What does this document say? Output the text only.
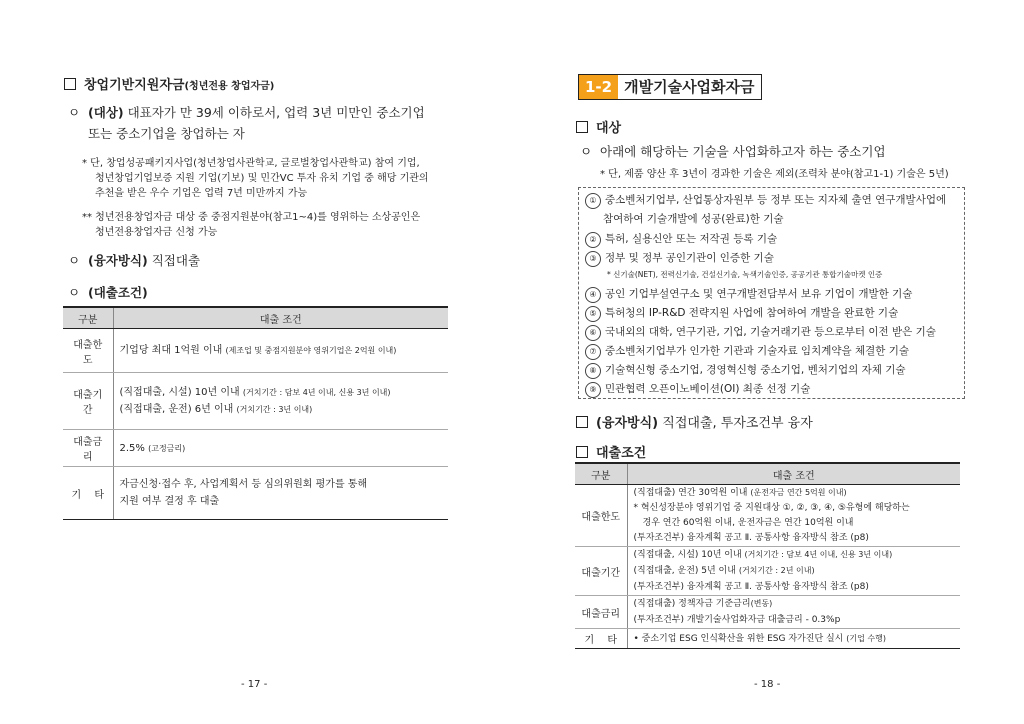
창업기반지원자금(청년전용 창업자금)
ㅇ (대상) 대표자가 만 39세 이하로서, 업력 3년 미만인 중소기업
또는 중소기업을 창업하는 자
* 단, 창업성공패키지사업(청년창업사관학교, 글로벌창업사관학교) 참여 기업,
청년창업기업보증 지원 기업(기보) 및 민간VC 투자 유치 기업 중 해당 기관의
추천을 받은 우수 기업은 업력 7년 미만까지 가능
** 청년전용창업자금 대상 중 중점지원분야(참고1~4)를 영위하는 소상공인은
청년전용창업자금 신청 가능
ㅇ (융자방식) 직접대출
ㅇ (대출조건)
구분	대출 조건
대출한도	기업당 최대 1억원 이내 (제조업 및 중점지원분야 영위기업은 2억원 이내)
대출기간	(직접대출, 시설) 10년 이내 (거치기간 : 담보 4년 이내, 신용 3년 이내)
(직접대출, 운전) 6년 이내 (거치기간 : 3년 이내)
대출금리	2.5% (고정금리)
기　 타	자금신청·접수 후, 사업계획서 등 심의위원회 평가를 통해
지원 여부 결정 후 대출
- 17 -
1-2 개발기술사업화자금
대상
ㅇ 아래에 해당하는 기술을 사업화하고자 하는 중소기업
* 단, 제품 양산 후 3년이 경과한 기술은 제외(조력차 분야(참고1-1) 기술은 5년)
① 중소벤처기업부, 산업통상자원부 등 정부 또는 지자체 출연 연구개발사업에
참여하여 기술개발에 성공(완료)한 기술
② 특허, 실용신안 또는 저작권 등록 기술
③ 정부 및 정부 공인기관이 인증한 기술
* 신기술(NET), 전력신기술, 건설신기술, 녹색기술인증, 공공기관 통합기술마켓 인증
④ 공인 기업부설연구소 및 연구개발전담부서 보유 기업이 개발한 기술
⑤ 특허청의 IP-R&D 전략지원 사업에 참여하여 개발을 완료한 기술
⑥ 국내외의 대학, 연구기관, 기업, 기술거래기관 등으로부터 이전 받은 기술
⑦ 중소벤처기업부가 인가한 기관과 기술자료 임치계약을 체결한 기술
⑧ 기술혁신형 중소기업, 경영혁신형 중소기업, 벤처기업의 자체 기술
⑨ 민관협력 오픈이노베이션(OI) 최종 선정 기술
(융자방식) 직접대출, 투자조건부 융자
대출조건
구분	대출 조건
대출한도	(직접대출) 연간 30억원 이내 (운전자금 연간 5억원 이내)
* 혁신성장분야 영위기업 중 지원대상 ①, ②, ③, ④, ⑤유형에 해당하는
　경우 연간 60억원 이내, 운전자금은 연간 10억원 이내
(투자조건부) 융자계획 공고 Ⅱ. 공통사항 융자방식 참조 (p8)
대출기간	(직접대출, 시설) 10년 이내 (거치기간 : 담보 4년 이내, 신용 3년 이내)
(직접대출, 운전) 5년 이내 (거치기간 : 2년 이내)
(투자조건부) 융자계획 공고 Ⅱ. 공통사항 융자방식 참조 (p8)
대출금리	(직접대출) 정책자금 기준금리(변동)
(투자조건부) 개발기술사업화자금 대출금리 - 0.3%p
기　 타	• 중소기업 ESG 인식확산을 위한 ESG 자가진단 실시 (기업 수행)
- 18 -
